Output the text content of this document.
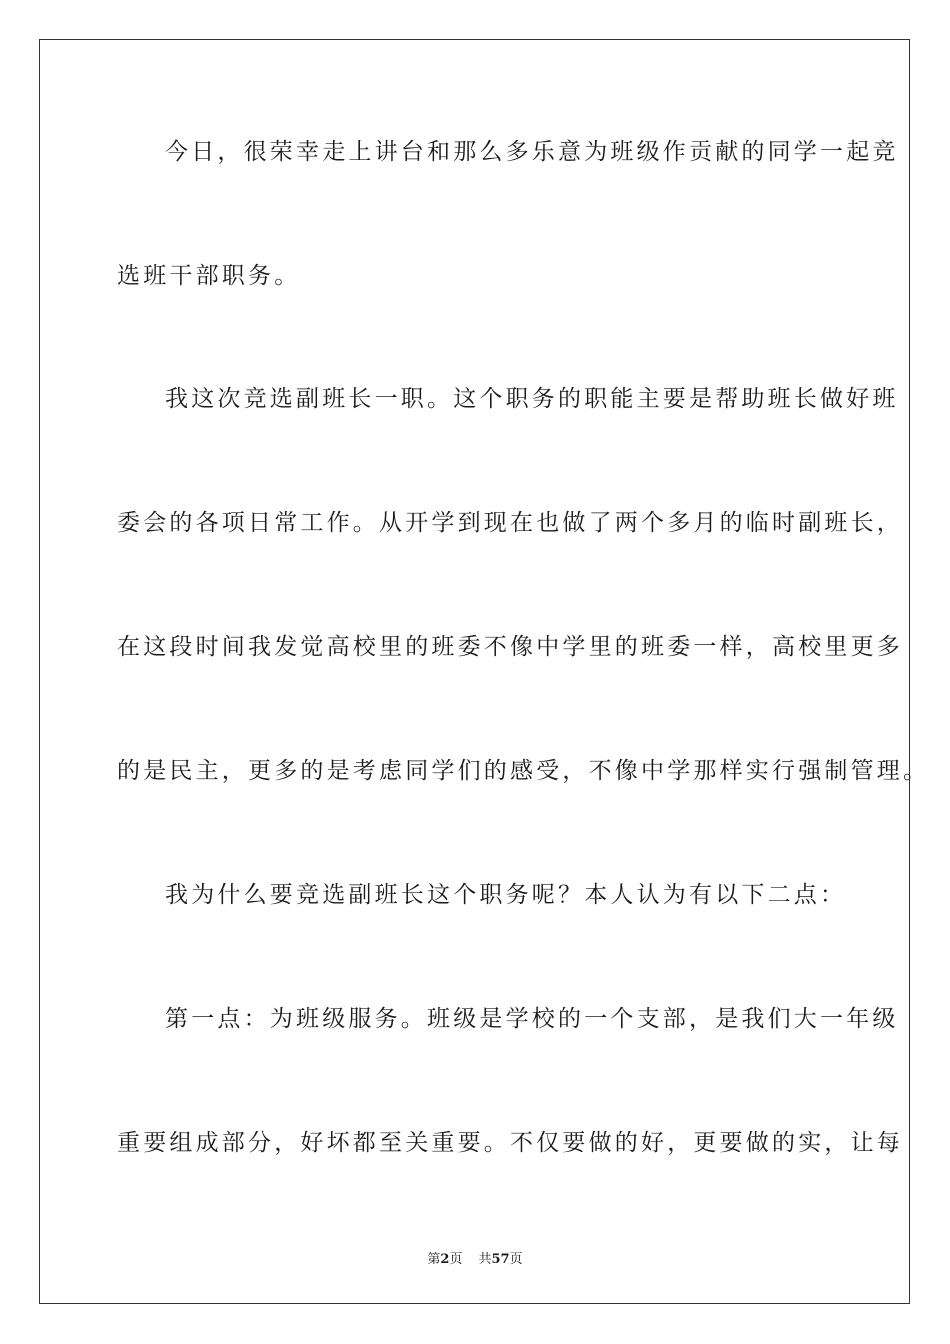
今日，很荣幸走上讲台和那么多乐意为班级作贡献的同学一起竞
选班干部职务。
我这次竞选副班长一职。这个职务的职能主要是帮助班长做好班
委会的各项日常工作。从开学到现在也做了两个多月的临时副班长，
在这段时间我发觉高校里的班委不像中学里的班委一样，高校里更多
的是民主，更多的是考虑同学们的感受，不像中学那样实行强制管理。
我为什么要竞选副班长这个职务呢？本人认为有以下二点：
第一点：为班级服务。班级是学校的一个支部，是我们大一年级
重要组成部分，好坏都至关重要。不仅要做的好，更要做的实，让每
第2页 共57页
